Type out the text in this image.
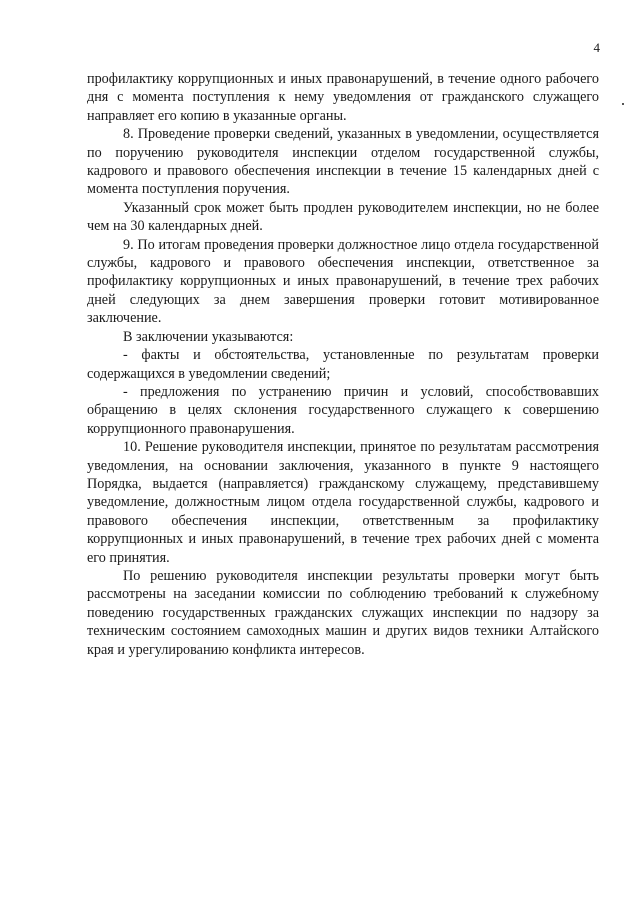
4

профилактику коррупционных и иных правонарушений, в течение одного рабочего дня с момента поступления к нему уведомления от гражданского служащего направляет его копию в указанные органы.

8. Проведение проверки сведений, указанных в уведомлении, осуществляется по поручению руководителя инспекции отделом государственной службы, кадрового и правового обеспечения инспекции в течение 15 календарных дней с момента поступления поручения.

Указанный срок может быть продлен руководителем инспекции, но не более чем на 30 календарных дней.

9. По итогам проведения проверки должностное лицо отдела государственной службы, кадрового и правового обеспечения инспекции, ответственное за профилактику коррупционных и иных правонарушений, в течение трех рабочих дней следующих за днем завершения проверки готовит мотивированное заключение.

В заключении указываются:

- факты и обстоятельства, установленные по результатам проверки содержащихся в уведомлении сведений;

- предложения по устранению причин и условий, способствовавших обращению в целях склонения государственного служащего к совершению коррупционного правонарушения.

10. Решение руководителя инспекции, принятое по результатам рассмотрения уведомления, на основании заключения, указанного в пункте 9 настоящего Порядка, выдается (направляется) гражданскому служащему, представившему уведомление, должностным лицом отдела государственной службы, кадрового и правового обеспечения инспекции, ответственным за профилактику коррупционных и иных правонарушений, в течение трех рабочих дней с момента его принятия.

По решению руководителя инспекции результаты проверки могут быть рассмотрены на заседании комиссии по соблюдению требований к служебному поведению государственных гражданских служащих инспекции по надзору за техническим состоянием самоходных машин и других видов техники Алтайского края и урегулированию конфликта интересов.
